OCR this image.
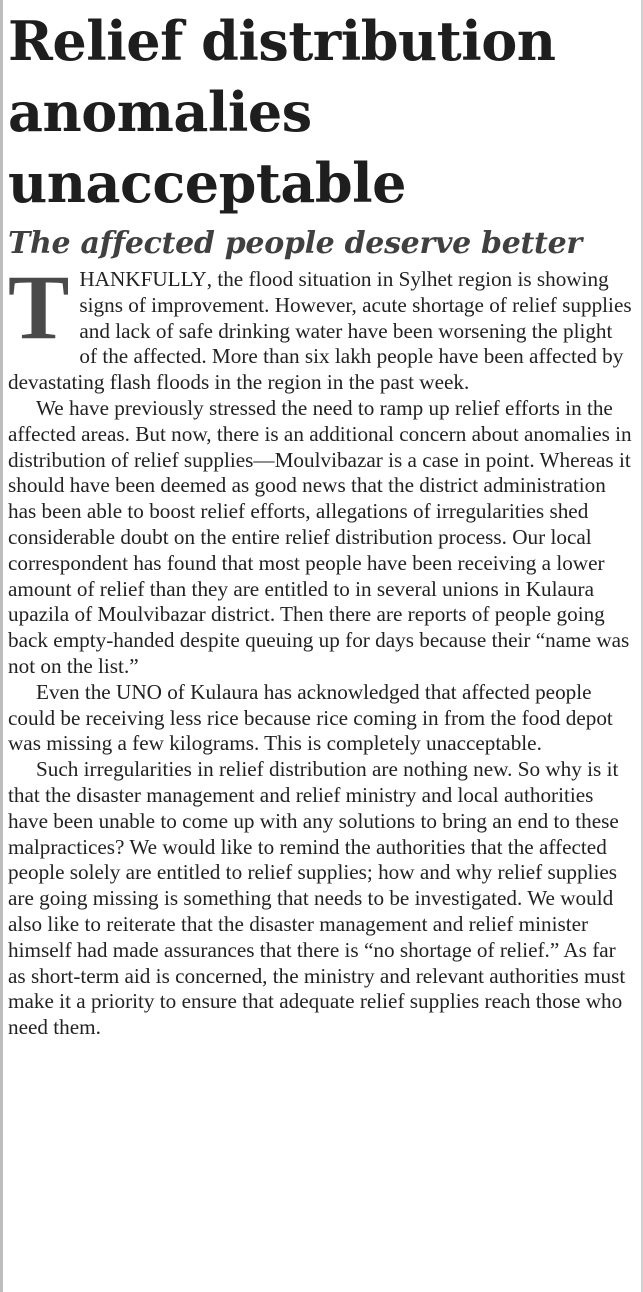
Relief distribution
anomalies
unacceptable
The affected people deserve better

THANKFULLY, the flood situation in Sylhet region is showing signs of improvement. However, acute shortage of relief supplies and lack of safe drinking water have been worsening the plight of the affected. More than six lakh people have been affected by devastating flash floods in the region in the past week.

We have previously stressed the need to ramp up relief efforts in the affected areas. But now, there is an additional concern about anomalies in distribution of relief supplies—Moulvibazar is a case in point. Whereas it should have been deemed as good news that the district administration has been able to boost relief efforts, allegations of irregularities shed considerable doubt on the entire relief distribution process. Our local correspondent has found that most people have been receiving a lower amount of relief than they are entitled to in several unions in Kulaura upazila of Moulvibazar district. Then there are reports of people going back empty-handed despite queuing up for days because their “name was not on the list.”

Even the UNO of Kulaura has acknowledged that affected people could be receiving less rice because rice coming in from the food depot was missing a few kilograms. This is completely unacceptable.

Such irregularities in relief distribution are nothing new. So why is it that the disaster management and relief ministry and local authorities have been unable to come up with any solutions to bring an end to these malpractices? We would like to remind the authorities that the affected people solely are entitled to relief supplies; how and why relief supplies are going missing is something that needs to be investigated. We would also like to reiterate that the disaster management and relief minister himself had made assurances that there is “no shortage of relief.” As far as short-term aid is concerned, the ministry and relevant authorities must make it a priority to ensure that adequate relief supplies reach those who need them.
